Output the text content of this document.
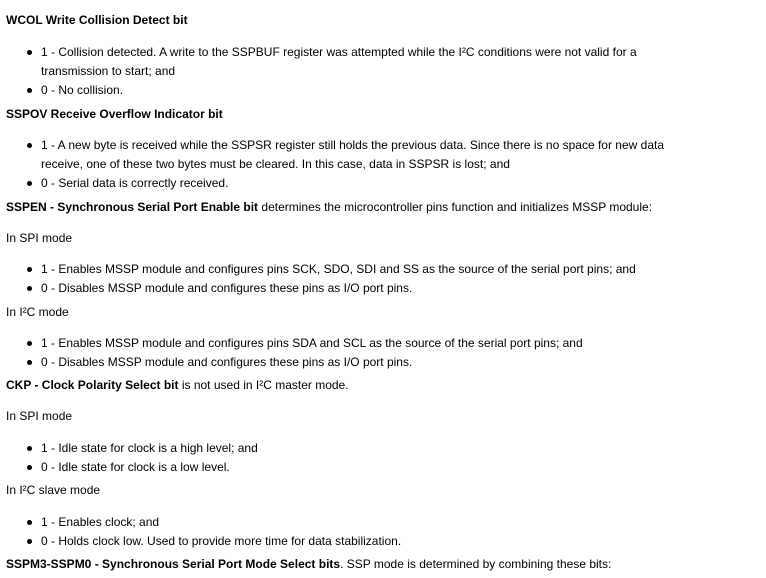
WCOL Write Collision Detect bit
1 - Collision detected. A write to the SSPBUF register was attempted while the I²C conditions were not valid for a
transmission to start; and
0 - No collision.
SSPOV Receive Overflow Indicator bit
1 - A new byte is received while the SSPSR register still holds the previous data. Since there is no space for new data
receive, one of these two bytes must be cleared. In this case, data in SSPSR is lost; and
0 - Serial data is correctly received.
SSPEN - Synchronous Serial Port Enable bit determines the microcontroller pins function and initializes MSSP module:
In SPI mode
1 - Enables MSSP module and configures pins SCK, SDO, SDI and SS as the source of the serial port pins; and
0 - Disables MSSP module and configures these pins as I/O port pins.
In I²C mode
1 - Enables MSSP module and configures pins SDA and SCL as the source of the serial port pins; and
0 - Disables MSSP module and configures these pins as I/O port pins.
CKP - Clock Polarity Select bit is not used in I²C master mode.
In SPI mode
1 - Idle state for clock is a high level; and
0 - Idle state for clock is a low level.
In I²C slave mode
1 - Enables clock; and
0 - Holds clock low. Used to provide more time for data stabilization.
SSPM3-SSPM0 - Synchronous Serial Port Mode Select bits. SSP mode is determined by combining these bits:
